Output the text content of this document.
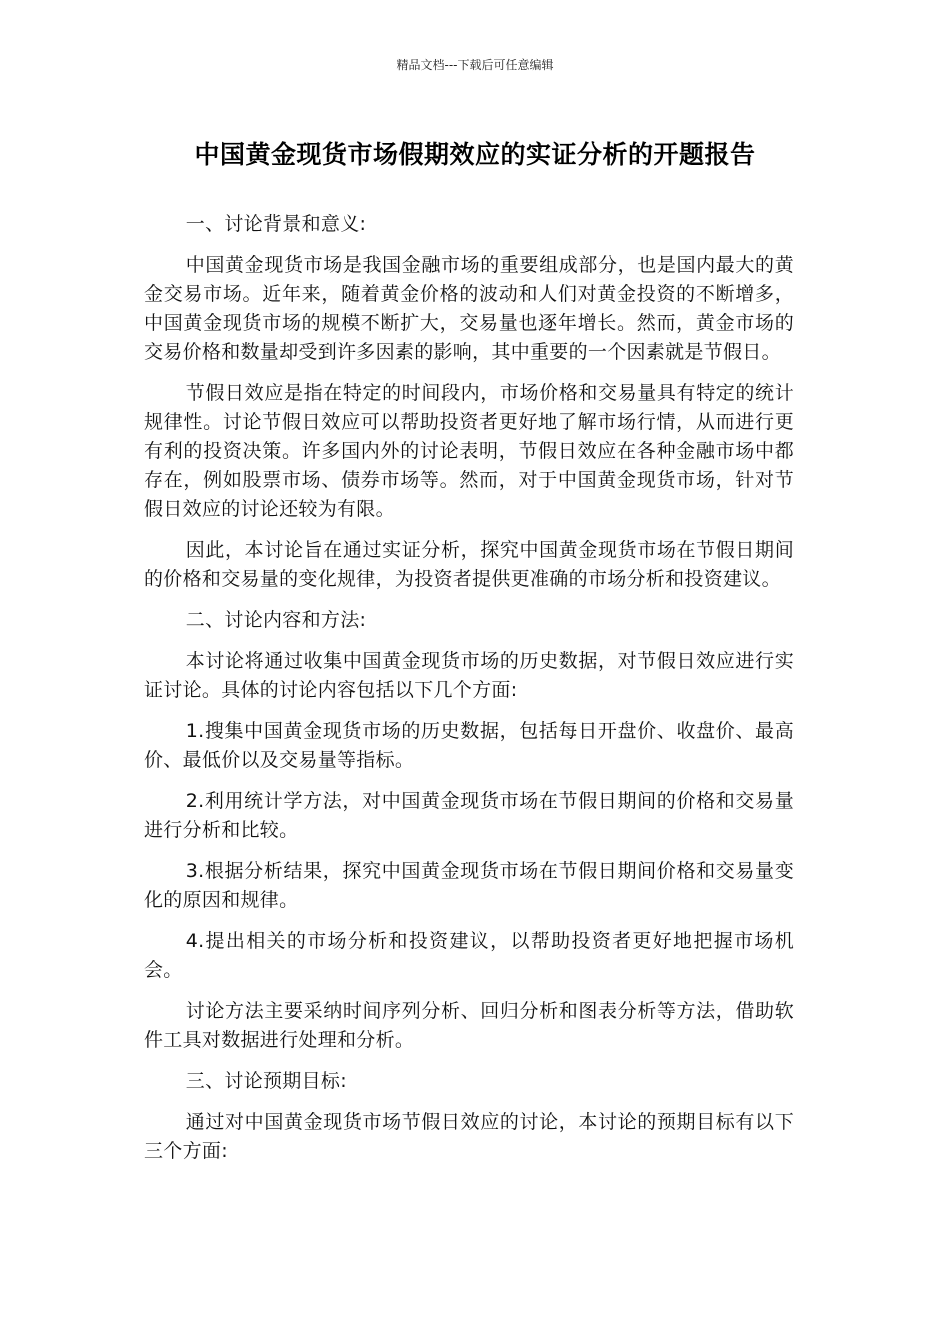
精品文档---下载后可任意编辑
中国黄金现货市场假期效应的实证分析的开题报告

一、讨论背景和意义:

中国黄金现货市场是我国金融市场的重要组成部分，也是国内最大的黄金交易市场。近年来，随着黄金价格的波动和人们对黄金投资的不断增多，中国黄金现货市场的规模不断扩大，交易量也逐年增长。然而，黄金市场的交易价格和数量却受到许多因素的影响，其中重要的一个因素就是节假日。

节假日效应是指在特定的时间段内，市场价格和交易量具有特定的统计规律性。讨论节假日效应可以帮助投资者更好地了解市场行情，从而进行更有利的投资决策。许多国内外的讨论表明，节假日效应在各种金融市场中都存在，例如股票市场、债券市场等。然而，对于中国黄金现货市场，针对节假日效应的讨论还较为有限。

因此，本讨论旨在通过实证分析，探究中国黄金现货市场在节假日期间的价格和交易量的变化规律，为投资者提供更准确的市场分析和投资建议。

二、讨论内容和方法:

本讨论将通过收集中国黄金现货市场的历史数据，对节假日效应进行实证讨论。具体的讨论内容包括以下几个方面:

1.搜集中国黄金现货市场的历史数据，包括每日开盘价、收盘价、最高价、最低价以及交易量等指标。

2.利用统计学方法，对中国黄金现货市场在节假日期间的价格和交易量进行分析和比较。

3.根据分析结果，探究中国黄金现货市场在节假日期间价格和交易量变化的原因和规律。

4.提出相关的市场分析和投资建议，以帮助投资者更好地把握市场机会。

讨论方法主要采纳时间序列分析、回归分析和图表分析等方法，借助软件工具对数据进行处理和分析。

三、讨论预期目标:

通过对中国黄金现货市场节假日效应的讨论，本讨论的预期目标有以下三个方面:
